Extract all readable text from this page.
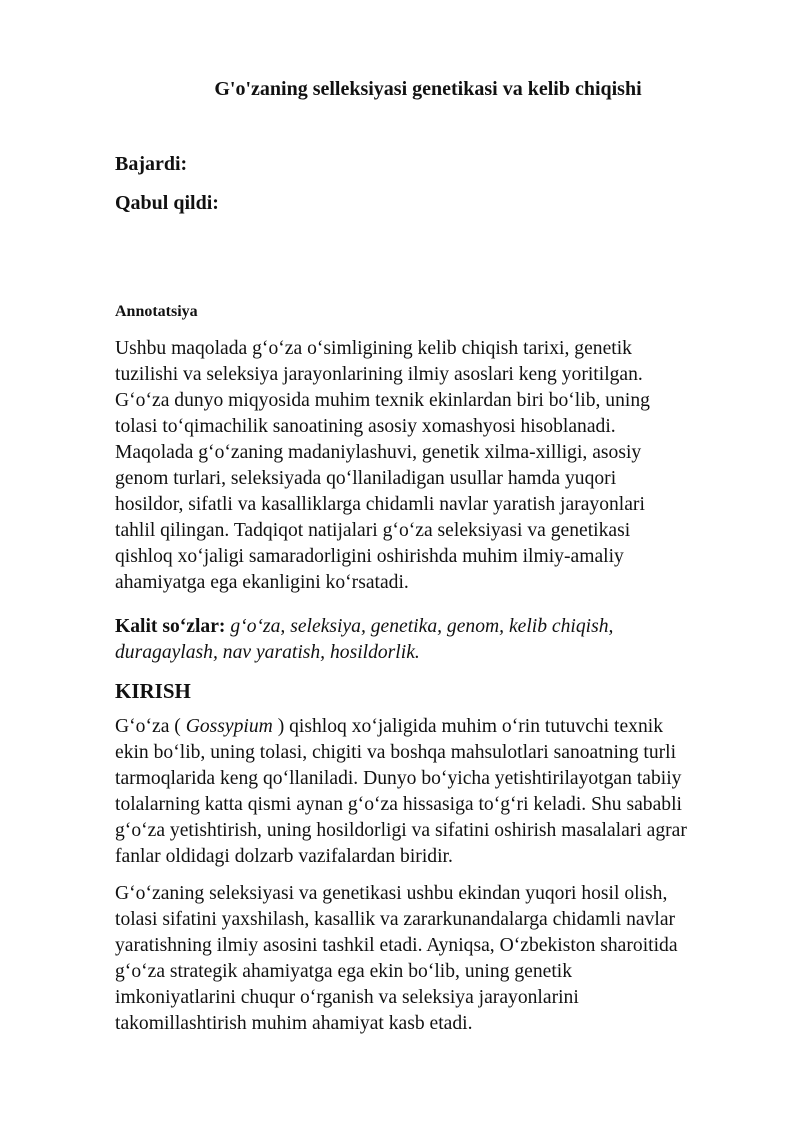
G'o'zaning selleksiyasi genetikasi va kelib chiqishi
Bajardi:
Qabul qildi:
Annotatsiya
Ushbu maqolada g‘o‘za o‘simligining kelib chiqish tarixi, genetik
tuzilishi va seleksiya jarayonlarining ilmiy asoslari keng yoritilgan.
G‘o‘za dunyo miqyosida muhim texnik ekinlardan biri bo‘lib, uning
tolasi to‘qimachilik sanoatining asosiy xomashyosi hisoblanadi.
Maqolada g‘o‘zaning madaniylashuvi, genetik xilma-xilligi, asosiy
genom turlari, seleksiyada qo‘llaniladigan usullar hamda yuqori
hosildor, sifatli va kasalliklarga chidamli navlar yaratish jarayonlari
tahlil qilingan. Tadqiqot natijalari g‘o‘za seleksiyasi va genetikasi
qishloq xo‘jaligi samaradorligini oshirishda muhim ilmiy-amaliy
ahamiyatga ega ekanligini ko‘rsatadi.
Kalit so‘zlar: g‘o‘za, seleksiya, genetika, genom, kelib chiqish,
duragaylash, nav yaratish, hosildorlik.
KIRISH
G‘o‘za ( Gossypium ) qishloq xo‘jaligida muhim o‘rin tutuvchi texnik
ekin bo‘lib, uning tolasi, chigiti va boshqa mahsulotlari sanoatning turli
tarmoqlarida keng qo‘llaniladi. Dunyo bo‘yicha yetishtirilayotgan tabiiy
tolalarning katta qismi aynan g‘o‘za hissasiga to‘g‘ri keladi. Shu sababli
g‘o‘za yetishtirish, uning hosildorligi va sifatini oshirish masalalari agrar
fanlar oldidagi dolzarb vazifalardan biridir.
G‘o‘zaning seleksiyasi va genetikasi ushbu ekindan yuqori hosil olish,
tolasi sifatini yaxshilash, kasallik va zararkunandalarga chidamli navlar
yaratishning ilmiy asosini tashkil etadi. Ayniqsa, O‘zbekiston sharoitida
g‘o‘za strategik ahamiyatga ega ekin bo‘lib, uning genetik
imkoniyatlarini chuqur o‘rganish va seleksiya jarayonlarini
takomillashtirish muhim ahamiyat kasb etadi.
